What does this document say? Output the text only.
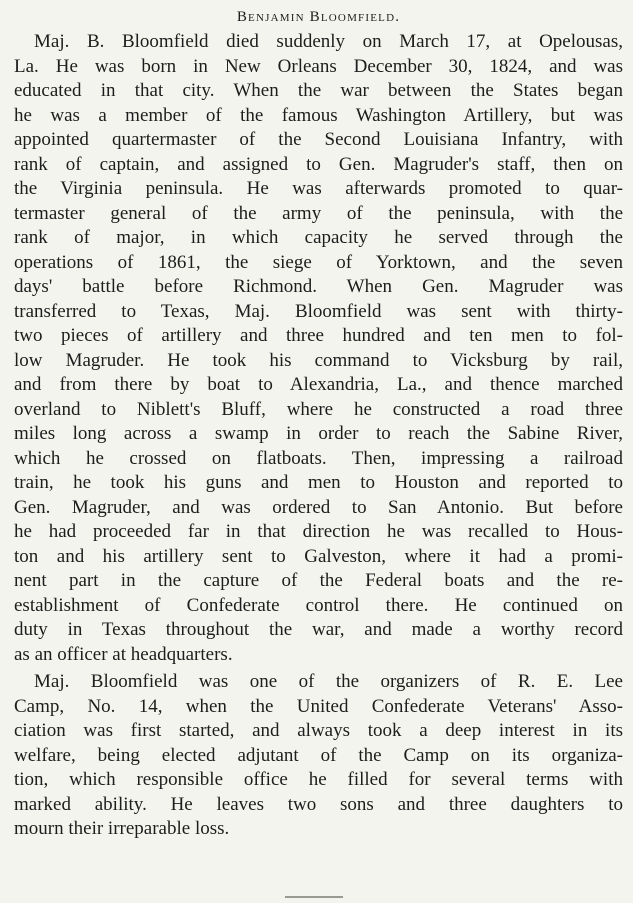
Benjamin Bloomfield.

Maj. B. Bloomfield died suddenly on March 17, at Opelousas,
La. He was born in New Orleans December 30, 1824, and was
educated in that city. When the war between the States began
he was a member of the famous Washington Artillery, but was
appointed quartermaster of the Second Louisiana Infantry, with
rank of captain, and assigned to Gen. Magruder's staff, then on
the Virginia peninsula. He was afterwards promoted to quar-
termaster general of the army of the peninsula, with the
rank of major, in which capacity he served through the
operations of 1861, the siege of Yorktown, and the seven
days' battle before Richmond. When Gen. Magruder was
transferred to Texas, Maj. Bloomfield was sent with thirty-
two pieces of artillery and three hundred and ten men to fol-
low Magruder. He took his command to Vicksburg by rail,
and from there by boat to Alexandria, La., and thence marched
overland to Niblett's Bluff, where he constructed a road three
miles long across a swamp in order to reach the Sabine River,
which he crossed on flatboats. Then, impressing a railroad
train, he took his guns and men to Houston and reported to
Gen. Magruder, and was ordered to San Antonio. But before
he had proceeded far in that direction he was recalled to Hous-
ton and his artillery sent to Galveston, where it had a promi-
nent part in the capture of the Federal boats and the re-
establishment of Confederate control there. He continued on
duty in Texas throughout the war, and made a worthy record
as an officer at headquarters.

Maj. Bloomfield was one of the organizers of R. E. Lee
Camp, No. 14, when the United Confederate Veterans' Asso-
ciation was first started, and always took a deep interest in its
welfare, being elected adjutant of the Camp on its organiza-
tion, which responsible office he filled for several terms with
marked ability. He leaves two sons and three daughters to
mourn their irreparable loss.
